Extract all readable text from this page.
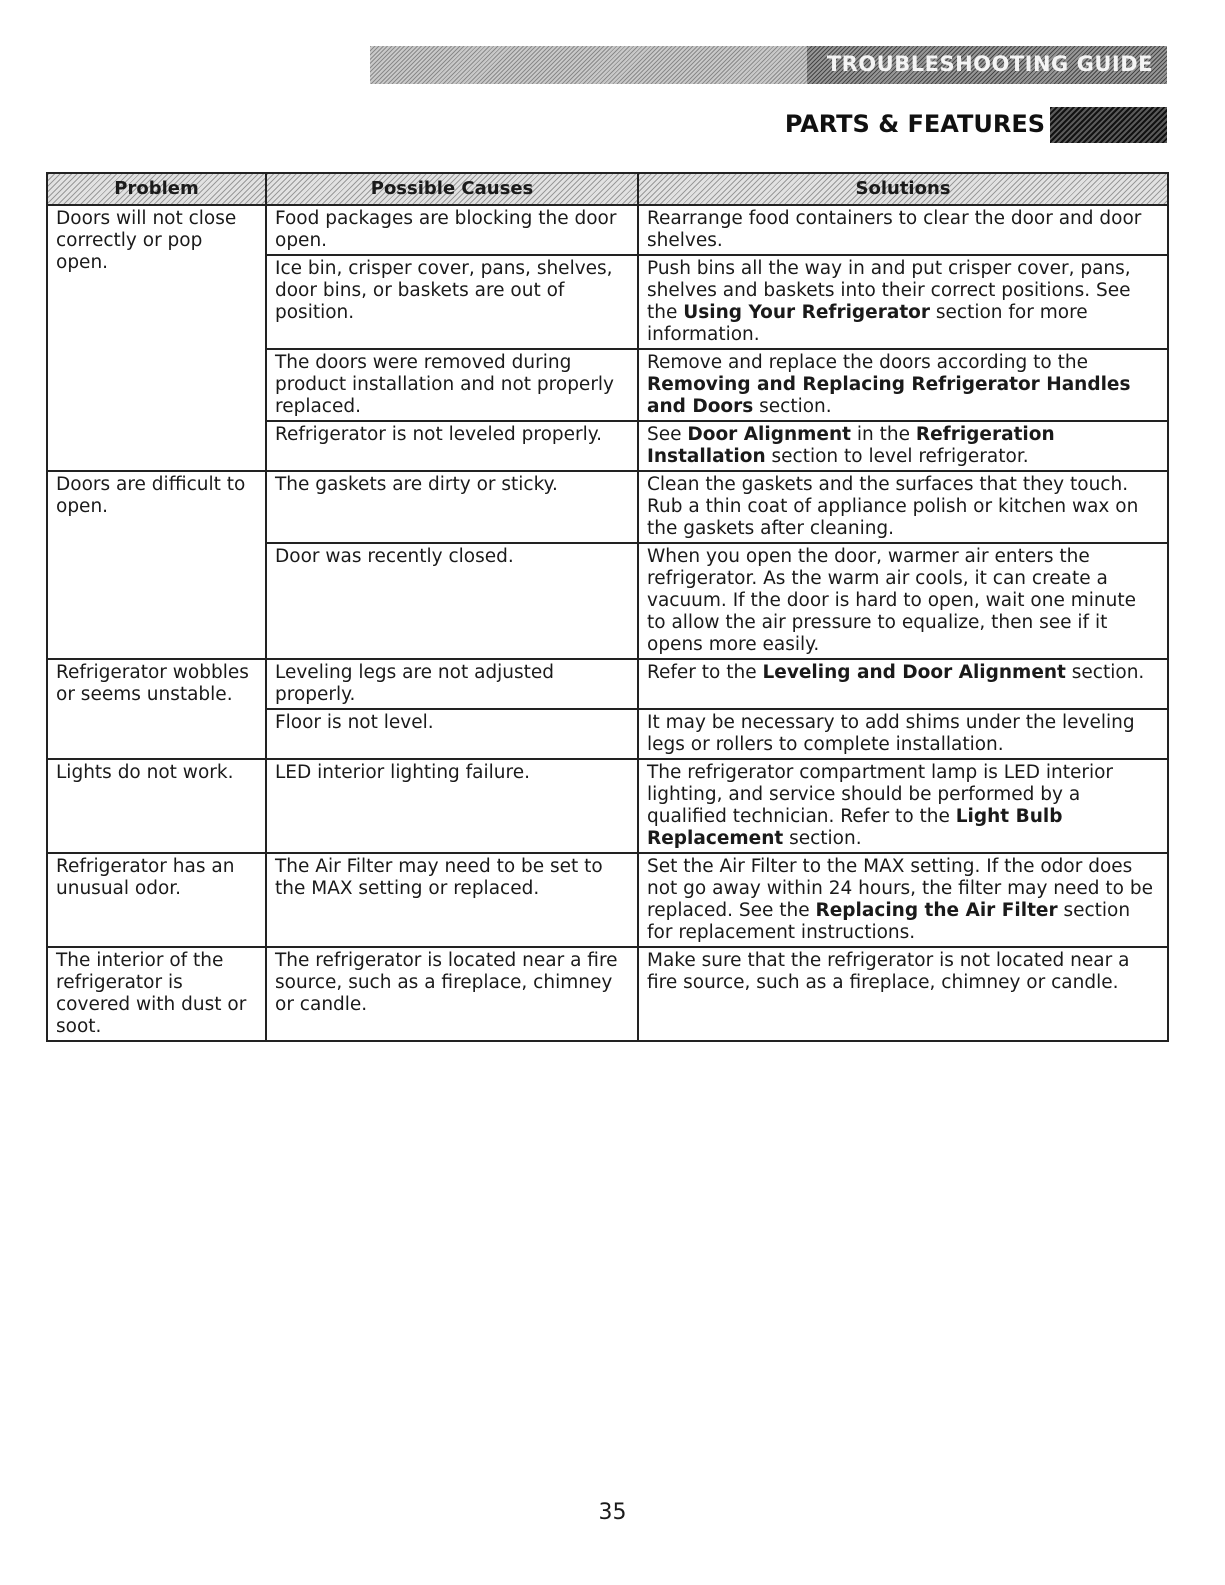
TROUBLESHOOTING GUIDE
PARTS & FEATURES
Problem	Possible Causes	Solutions
Doors will not close correctly or pop open.	Food packages are blocking the door open.	Rearrange food containers to clear the door and door shelves.
	Ice bin, crisper cover, pans, shelves, door bins, or baskets are out of position.	Push bins all the way in and put crisper cover, pans, shelves and baskets into their correct positions. See the Using Your Refrigerator section for more information.
	The doors were removed during product installation and not properly replaced.	Remove and replace the doors according to the Removing and Replacing Refrigerator Handles and Doors section.
	Refrigerator is not leveled properly.	See Door Alignment in the Refrigeration Installation section to level refrigerator.
Doors are difficult to open.	The gaskets are dirty or sticky.	Clean the gaskets and the surfaces that they touch. Rub a thin coat of appliance polish or kitchen wax on the gaskets after cleaning.
	Door was recently closed.	When you open the door, warmer air enters the refrigerator. As the warm air cools, it can create a vacuum. If the door is hard to open, wait one minute to allow the air pressure to equalize, then see if it opens more easily.
Refrigerator wobbles or seems unstable.	Leveling legs are not adjusted properly.	Refer to the Leveling and Door Alignment section.
	Floor is not level.	It may be necessary to add shims under the leveling legs or rollers to complete installation.
Lights do not work.	LED interior lighting failure.	The refrigerator compartment lamp is LED interior lighting, and service should be performed by a qualified technician. Refer to the Light Bulb Replacement section.
Refrigerator has an unusual odor.	The Air Filter may need to be set to the MAX setting or replaced.	Set the Air Filter to the MAX setting. If the odor does not go away within 24 hours, the filter may need to be replaced. See the Replacing the Air Filter section for replacement instructions.
The interior of the refrigerator is covered with dust or soot.	The refrigerator is located near a fire source, such as a fireplace, chimney or candle.	Make sure that the refrigerator is not located near a fire source, such as a fireplace, chimney or candle.
35
